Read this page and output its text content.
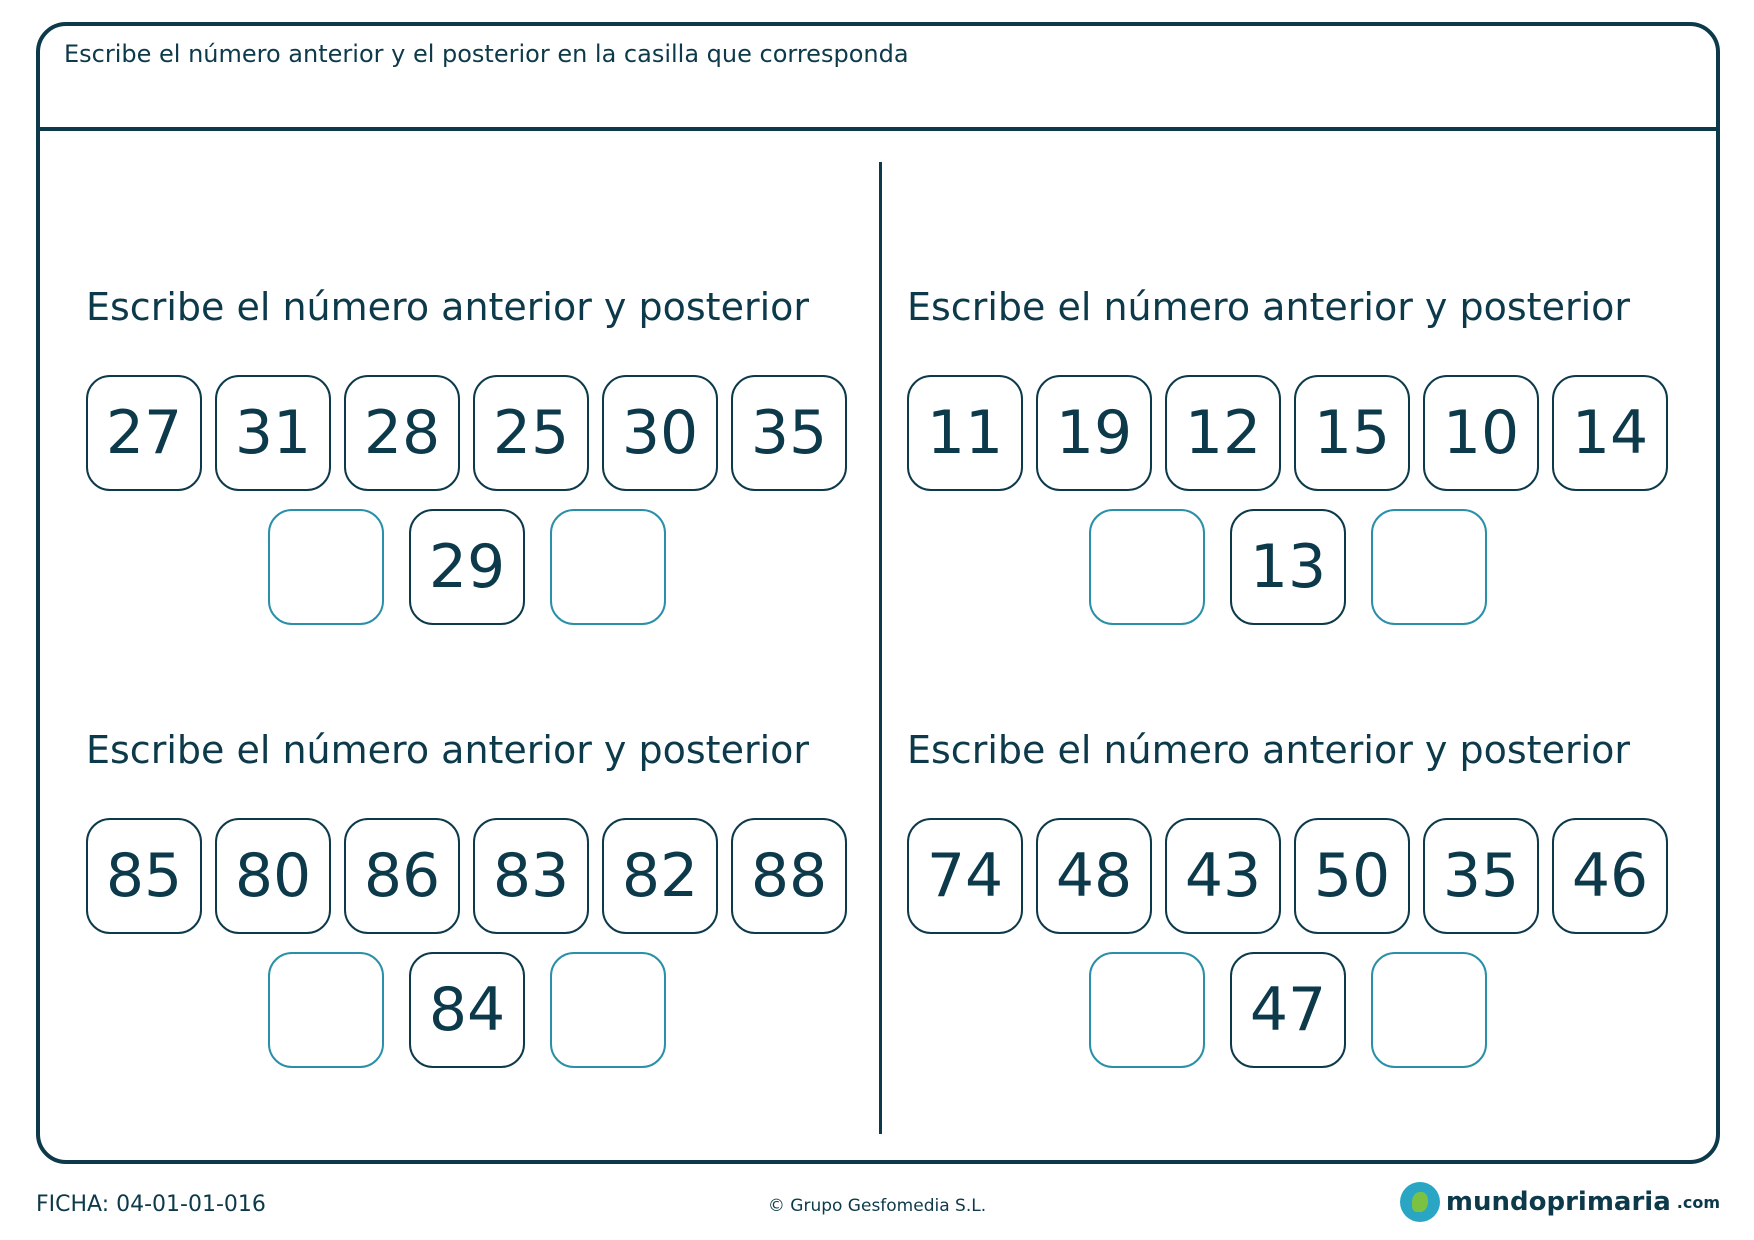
Escribe el número anterior y el posterior en la casilla que corresponda
Escribe el número anterior y posterior
27 31 28 25 30 35
29
Escribe el número anterior y posterior
11 19 12 15 10 14
13
Escribe el número anterior y posterior
85 80 86 83 82 88
84
Escribe el número anterior y posterior
74 48 43 50 35 46
47
FICHA: 04-01-01-016	© Grupo Gesfomedia S.L.	mundoprimaria .com
